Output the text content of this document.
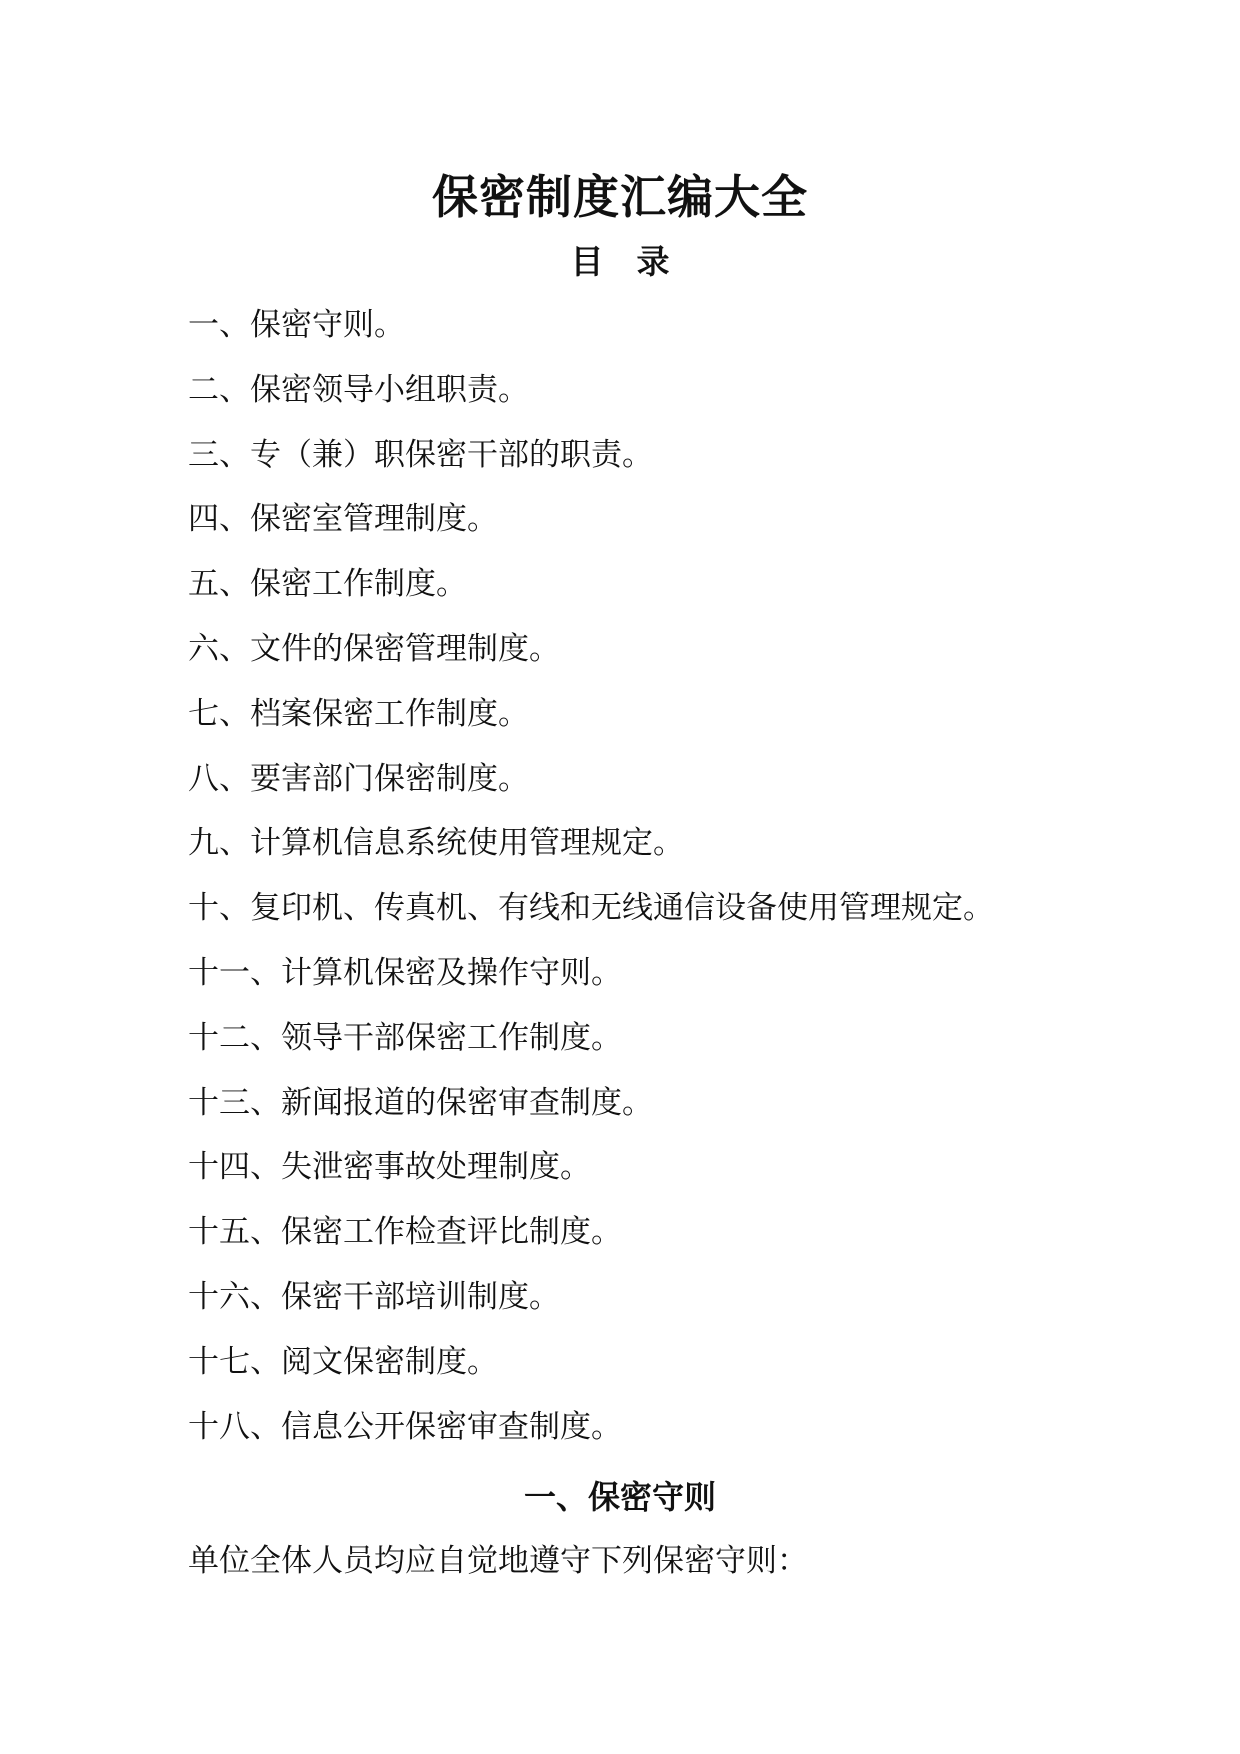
保密制度汇编大全
目　录
一、保密守则。
二、保密领导小组职责。
三、专（兼）职保密干部的职责。
四、保密室管理制度。
五、保密工作制度。
六、文件的保密管理制度。
七、档案保密工作制度。
八、要害部门保密制度。
九、计算机信息系统使用管理规定。
十、复印机、传真机、有线和无线通信设备使用管理规定。
十一、计算机保密及操作守则。
十二、领导干部保密工作制度。
十三、新闻报道的保密审查制度。
十四、失泄密事故处理制度。
十五、保密工作检查评比制度。
十六、保密干部培训制度。
十七、阅文保密制度。
十八、信息公开保密审查制度。
一、保密守则
单位全体人员均应自觉地遵守下列保密守则：
